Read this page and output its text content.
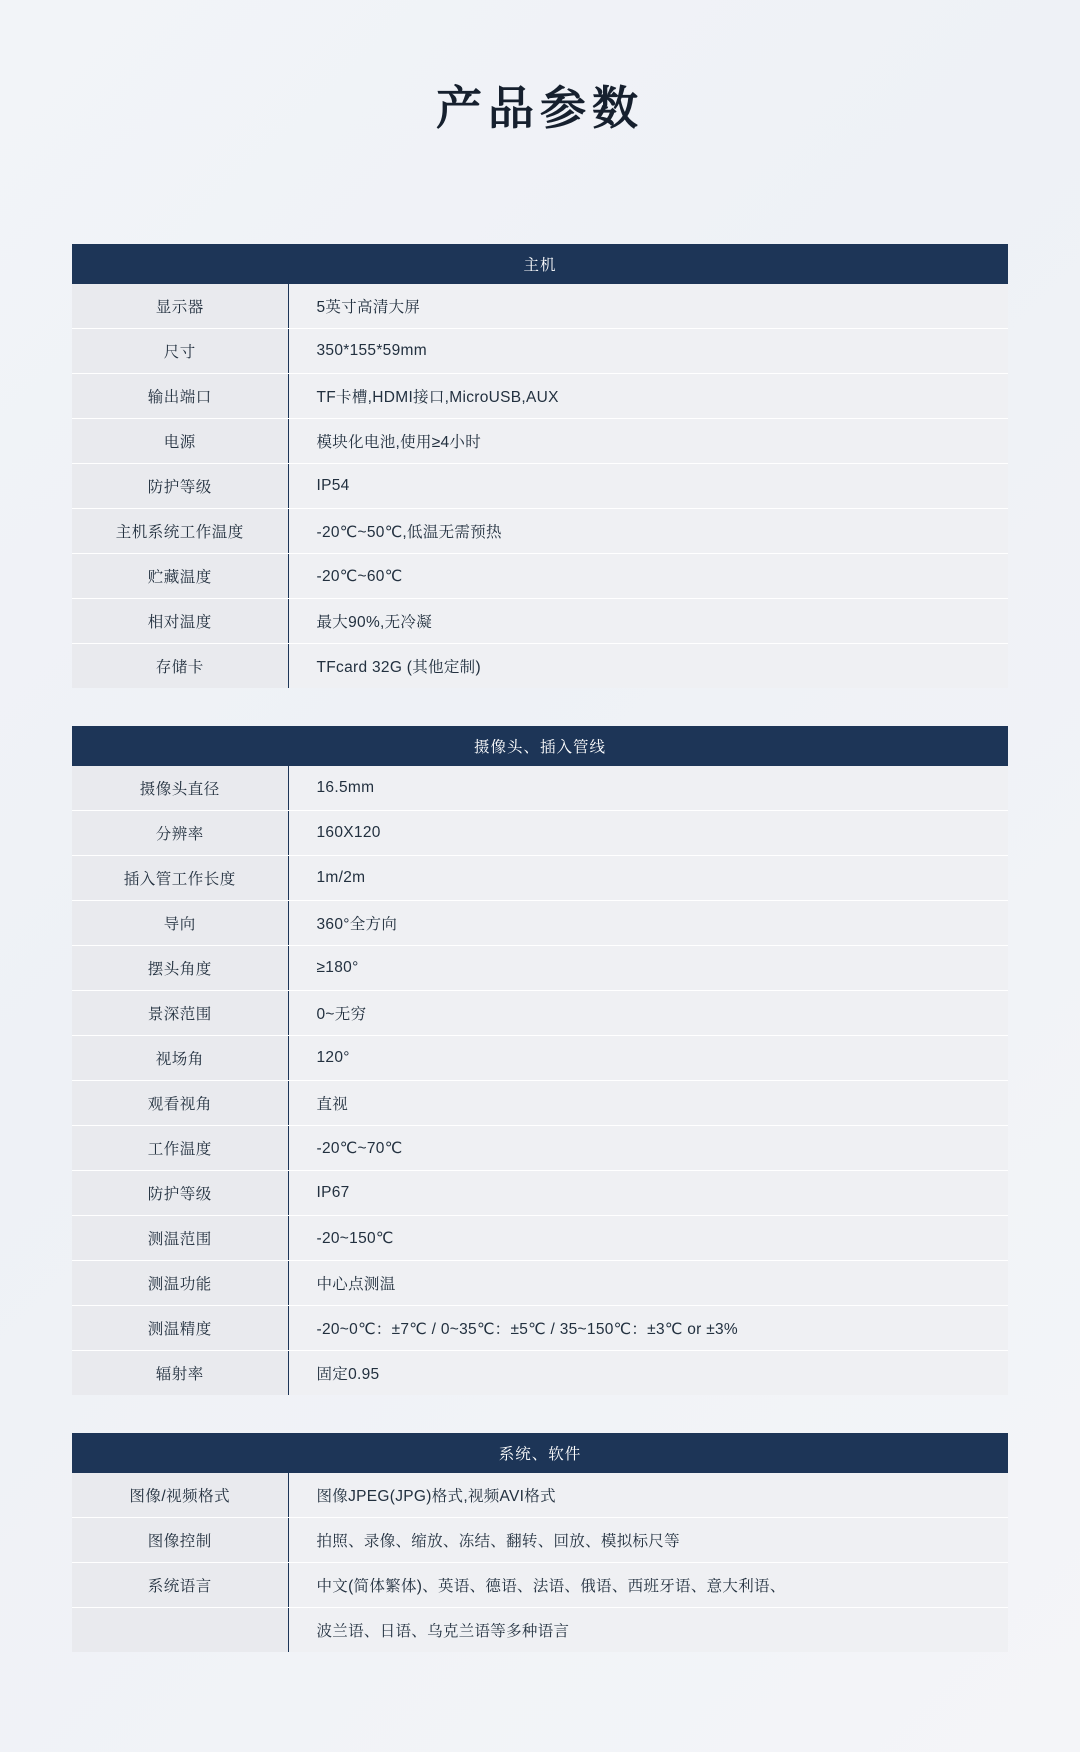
产品参数
主机	
显示器	5英寸高清大屏
尺寸	350*155*59mm
输出端口	TF卡槽,HDMI接口,MicroUSB,AUX
电源	模块化电池,使用≥4小时
防护等级	IP54
主机系统工作温度	-20℃~50℃,低温无需预热
贮藏温度	-20℃~60℃
相对温度	最大90%,无冷凝
存储卡	TFcard 32G (其他定制)
摄像头、插入管线	
摄像头直径	16.5mm
分辨率	160X120
插入管工作长度	1m/2m
导向	360°全方向
摆头角度	≥180°
景深范围	0~无穷
视场角	120°
观看视角	直视
工作温度	-20℃~70℃
防护等级	IP67
测温范围	-20~150℃
测温功能	中心点测温
测温精度	-20~0℃：±7℃ / 0~35℃：±5℃ / 35~150℃：±3℃ or ±3%
辐射率	固定0.95
系统、软件	
图像/视频格式	图像JPEG(JPG)格式,视频AVI格式
图像控制	拍照、录像、缩放、冻结、翻转、回放、模拟标尺等
系统语言	中文(简体繁体)、英语、德语、法语、俄语、西班牙语、意大利语、
	波兰语、日语、乌克兰语等多种语言
